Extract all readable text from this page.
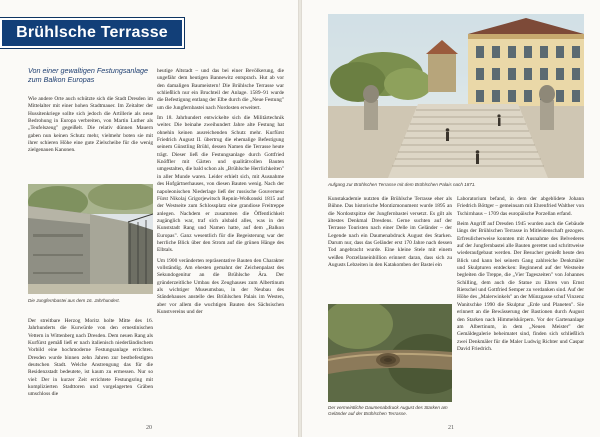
Brühlsche Terrasse
Von einer gewaltigen Festungsanlage zum Balkon Europas

Wie andere Orte auch schützte sich die Stadt Dresden im Mittelalter mit einer hohen Stadtmauer. Im Zeitalter der Hussitenkriege sollte sich jedoch die Artillerie als neue Bedrohung in Europa verbreiten, von Martin Luther als „Teufelszeug" gegeißelt. Die relativ dünnen Mauern gaben nun keinen Schutz mehr, vielmehr boten sie mit ihrer schieren Höhe eine gute Zielscheibe für die wenig zielgenauen Kanonen.

Die Jungfernbastei aus dem 16. Jahrhundert.

Der streitbare Herzog Moritz holte Mitte des 16. Jahrhunderts die Kurwürde von den ernestinischen Vettern in Wittenberg nach Dresden. Dem neuen Rang als Kurfürst gemäß ließ er nach italienisch niederländischem Vorbild eine hochmoderne Festungsanlage errichten. Dresden wurde binnen zehn Jahren zur bestbefestigten deutschen Stadt. Welche Anstrengung das für die Residenzstadt bedeutete, ist kaum zu ermessen. Nur so viel: Der in kurzer Zeit errichtete Festungsring mit komplizierten Stadttoren und vorgelagerten Gräben umschloss die

heutige Altstadt – und das bei einer Bevölkerung, die ungefähr dem heutigen Bannewitz entsprach. Hut ab vor den damaligen Baumeistern! Die Brühlsche Terrasse war schließlich nur ein Bruchteil der Anlage. 1589–91 wurde die Befestigung entlang der Elbe durch die „Neue Festung" um die Jungfernbastei nach Nordosten erweitert.

Im 18. Jahrhundert entwickelte sich die Militärtechnik weiter. Die beinahe zweihundert Jahre alte Festung hat ohnehin keinen ausreichenden Schutz mehr. Kurfürst Friedrich August II. übertrug die ehemalige Befestigung seinem Günstling Brühl, dessen Namen die Terrasse heute trägt. Dieser ließ die Festungsanlage durch Gottfried Knöffler mit Gärten und qualitätvollen Bauten umgestalten, die bald schon als „Brühlsche Herrlichkeiten" in aller Munde waren. Leider erhielt sich, mit Ausnahme des Hofgärtnerhauses, von diesen Bauten wenig. Nach der napoleonischen Niederlage ließ der russische Gouverneur Fürst Nikolaj Grigorjewitsch Repnin-Wolkonski 1815 auf der Westseite zum Schlossplatz eine grandiose Freitreppe anlegen. Nachdem er zusammen die Öffentlichkeit zugänglich war, traf sich alsbald alles, was in der Kunststadt Rang und Namen hatte, auf dem „Balkon Europas". Ganz wesentlich für die Begeisterung war der herrliche Blick über den Strom auf die grünen Hänge des Elbtals.

Um 1900 veränderten repräsentative Bauten den Charakter vollständig. Am ehesten gemahnt der Zeichenpalast des Sekundogenitur an die Brühlsche Ära. Der gründerzeitliche Umbau des Zeughauses zum Albertinum als wichtiger Museumsbau, in der Neubau des Ständehauses anstelle des Brühlschen Palais im Westen, aber vor allem die wuchtigen Bauten des Sächsischen Kunstvereins und der

20
Aufgang zur Brühlschen Terrasse mit dem Brühlschen Palais nach 1871.

Kunstakademie nutzten die Brühlsche Terrasse eher als Bühne. Das historische Montizmonument wurde 1895 an die Nordostspitze der Jungfernbastei versetzt. Es gilt als ältestes Denkmal Dresdens. Gerne suchten auf der Terrasse Touristen nach einer Delle im Geländer – der Legende nach ein Daumenabdruck August des Starken. Darum nur, dass das Geländer erst 170 Jahre nach dessen Tod angebracht wurde. Eine kleine Stele mit einem weißen Porzellaneinbillion erinnert daran, dass sich zu Augusts Lebzeiten in den Katakomben der Bastei ein

Der vermeintliche Daumenabdruck August des Starken am Geländer auf der Brühlschen Terrasse.

Laboratorium befand, in dem der abgeblidete Johann Friedrich Böttger – gemeinsam mit Ehrenfried Walther von Tschirnhaus – 1709 das europäische Porzellan erfand.

Beim Angriff auf Dresden 1945 wurden auch die Gebäude längs der Brühlschen Terrasse in Mitleidenschaft gezogen. Erfreulicherweise konnten mit Ausnahme des Belvederes auf der Jungfernbastei alle Bauten gerettet und schrittweise wiederaufgebaut werden. Der Besucher genießt heute den Blick und kann bei seinem Gang zahlreiche Denkmäler und Skulpturen entdecken: Beginnend auf der Westseite begleiten die Treppe, die „Vier Tageszeiten" von Johannes Schilling, dem auch die Statue zu Ehren von Ernst Rietschel und Gottfried Semper zu verdanken sind. Auf der Höhe des „Malerwinkels" an der Münzgasse schuf Vinzenz Wanitschke 1990 die Skulptur „Erde und Planeten". Sie erinnert an die Bewässerung der Bastionen durch August den Starken nach Himmelskörpern. Vor der Gartenanlage am Albertinum, in dem „Neuen Meister" der Gemäldegalerie beheimatet sind, finden sich schließlich zwei Denkmäler für die Maler Ludwig Richter und Caspar David Friedrich.

21
